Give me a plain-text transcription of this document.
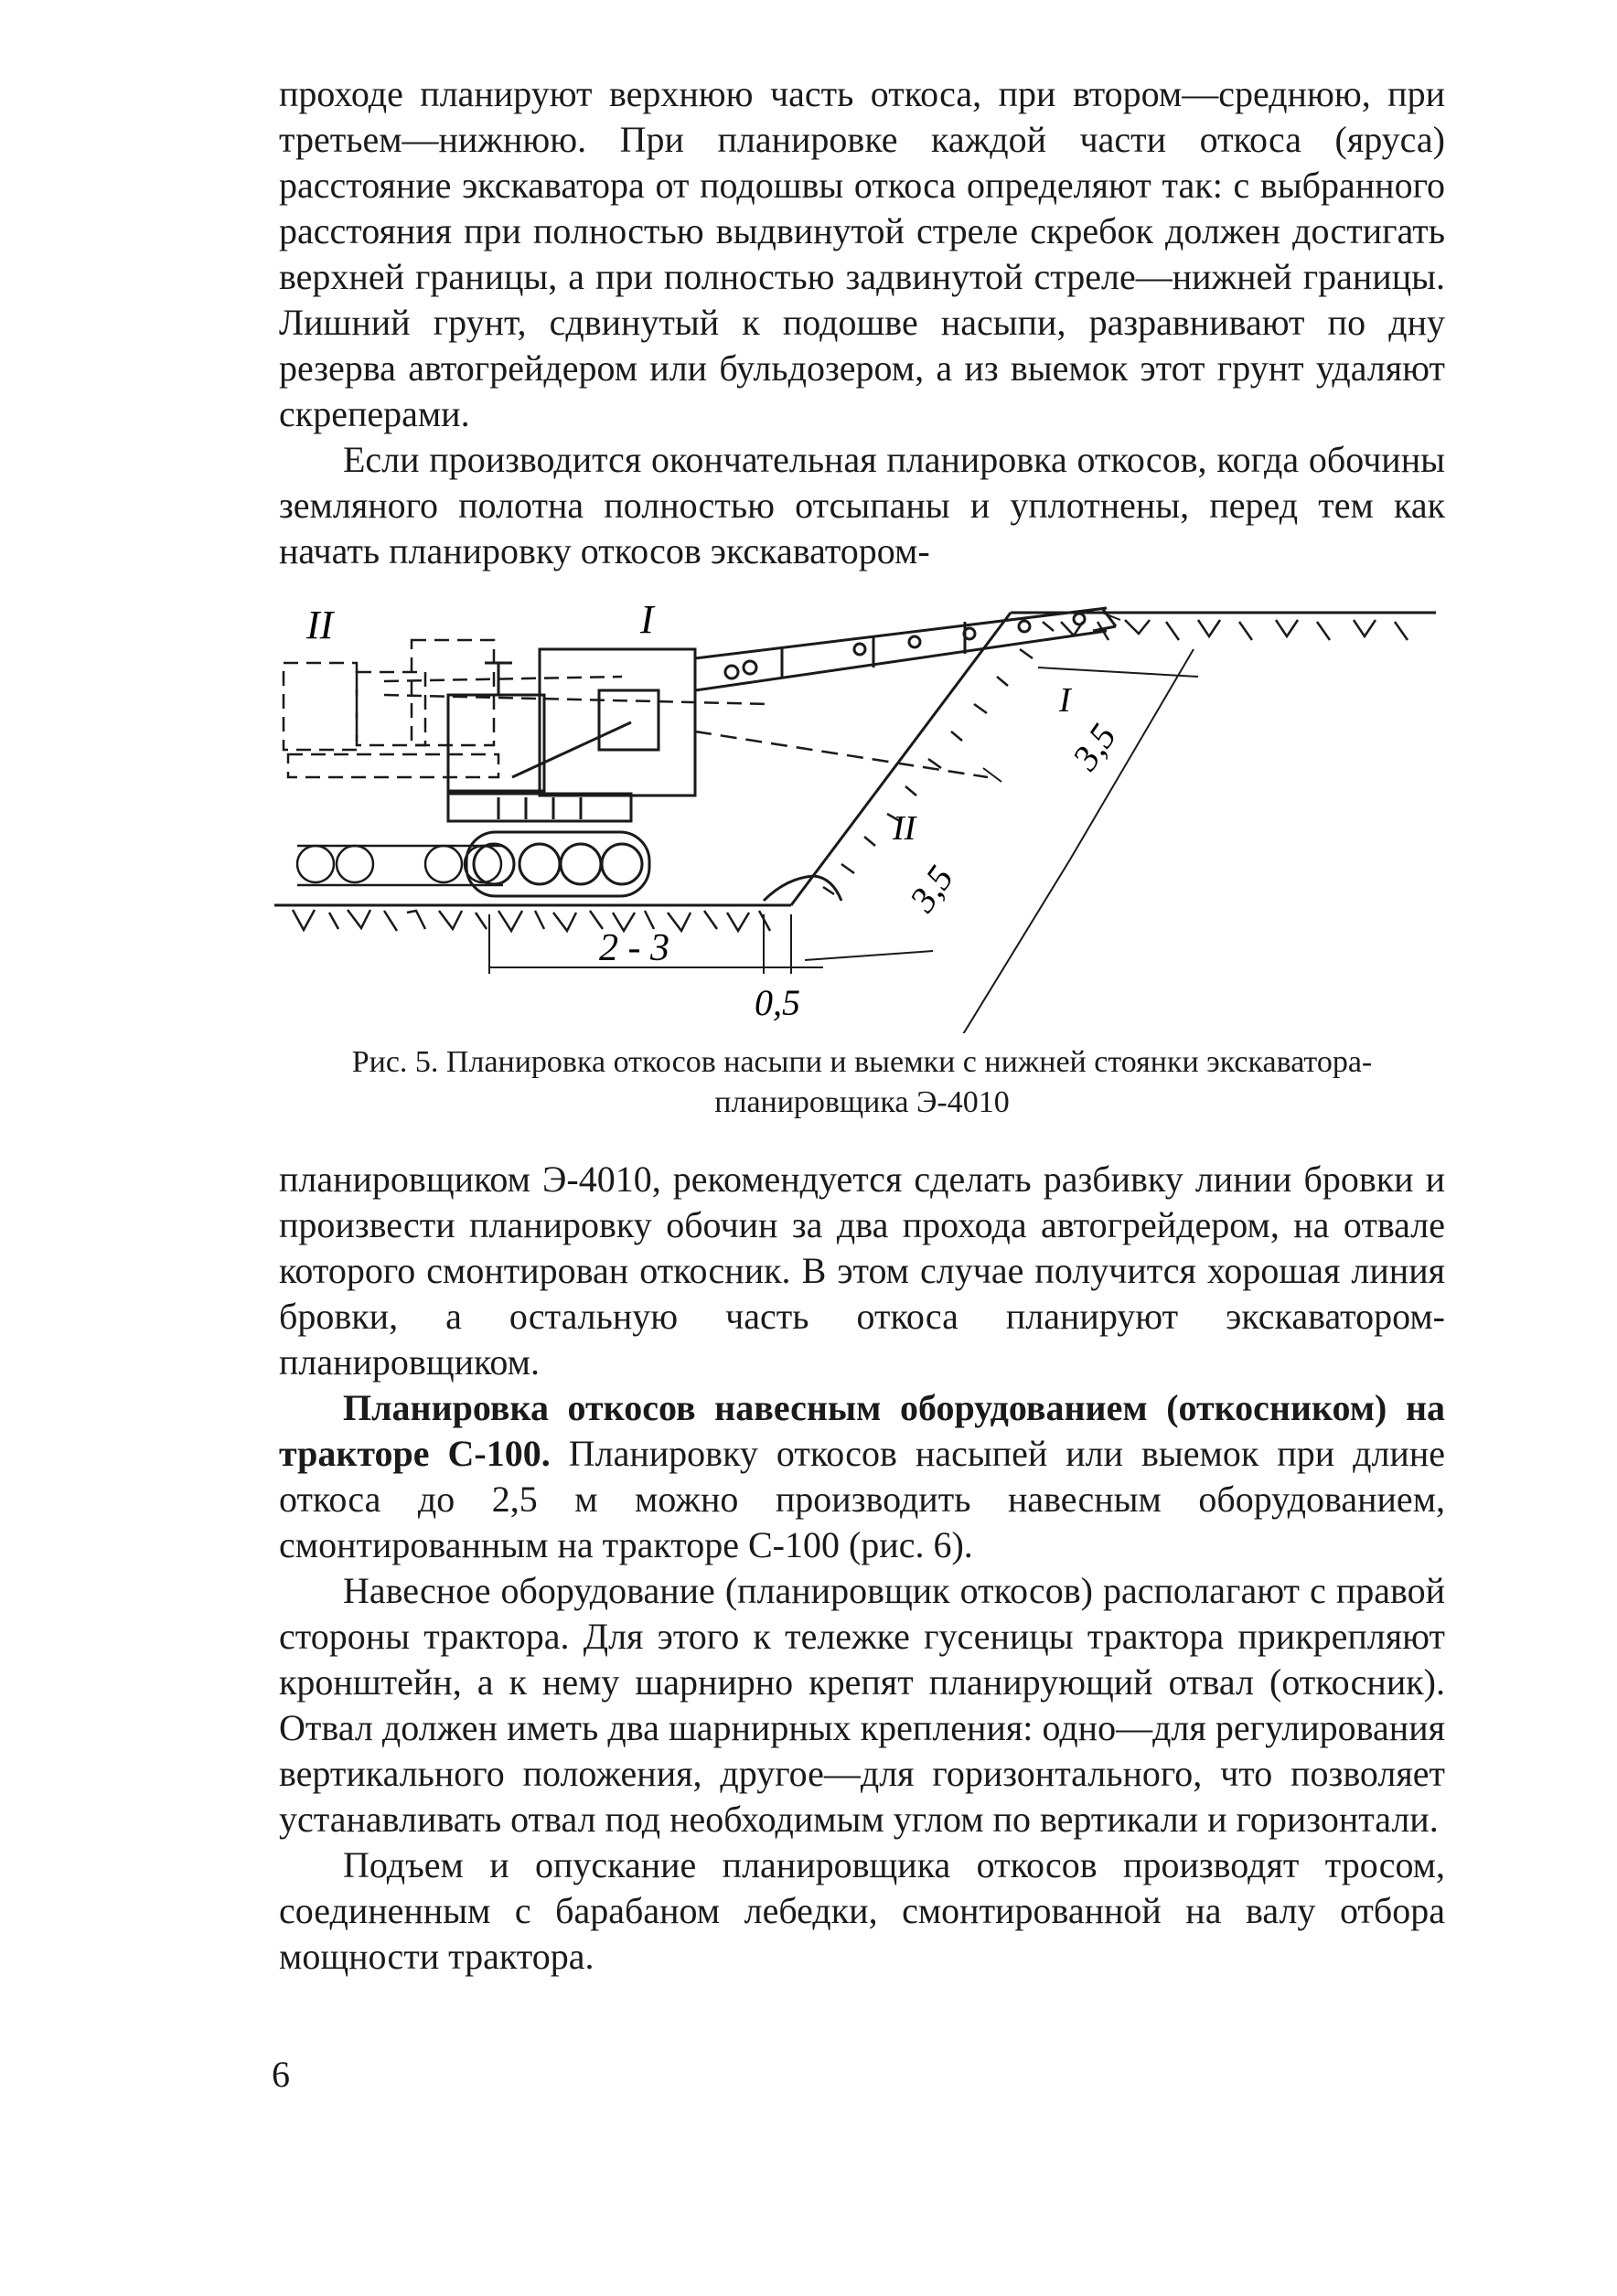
проходе планируют верхнюю часть откоса, при втором—среднюю, при третьем—нижнюю. При планировке каждой части откоса (яруса) расстояние экскаватора от подошвы откоса определяют так: с выбранного расстояния при полностью выдвинутой стреле скребок должен достигать верхней границы, а при полностью задвинутой стреле—нижней границы. Лишний грунт, сдвинутый к подошве насыпи, разравнивают по дну резерва автогрейдером или бульдозером, а из выемок этот грунт удаляют скреперами.

Если производится окончательная планировка откосов, когда обочины земляного полотна полностью отсыпаны и уплотнены, перед тем как начать планировку откосов экскаватором-

II	I
I
II
3,5
3,5
2 - 3
0,5
Рис. 5. Планировка откосов насыпи и выемки с нижней стоянки экскаватора-планировщика Э-4010

планировщиком Э-4010, рекомендуется сделать разбивку линии бровки и произвести планировку обочин за два прохода автогрейдером, на отвале которого смонтирован откосник. В этом случае получится хорошая линия бровки, а остальную часть откоса планируют экскаватором-планировщиком.

Планировка откосов навесным оборудованием (откосником) на тракторе С-100. Планировку откосов насыпей или выемок при длине откоса до 2,5 м можно производить навесным оборудованием, смонтированным на тракторе С-100 (рис. 6).

Навесное оборудование (планировщик откосов) располагают с правой стороны трактора. Для этого к тележке гусеницы трактора прикрепляют кронштейн, а к нему шарнирно крепят планирующий отвал (откосник). Отвал должен иметь два шарнирных крепления: одно—для регулирования вертикального положения, другое—для горизонтального, что позволяет устанавливать отвал под необходимым углом по вертикали и горизонтали.

Подъем и опускание планировщика откосов производят тросом, соединенным с барабаном лебедки, смонтированной на валу отбора мощности трактора.

6
